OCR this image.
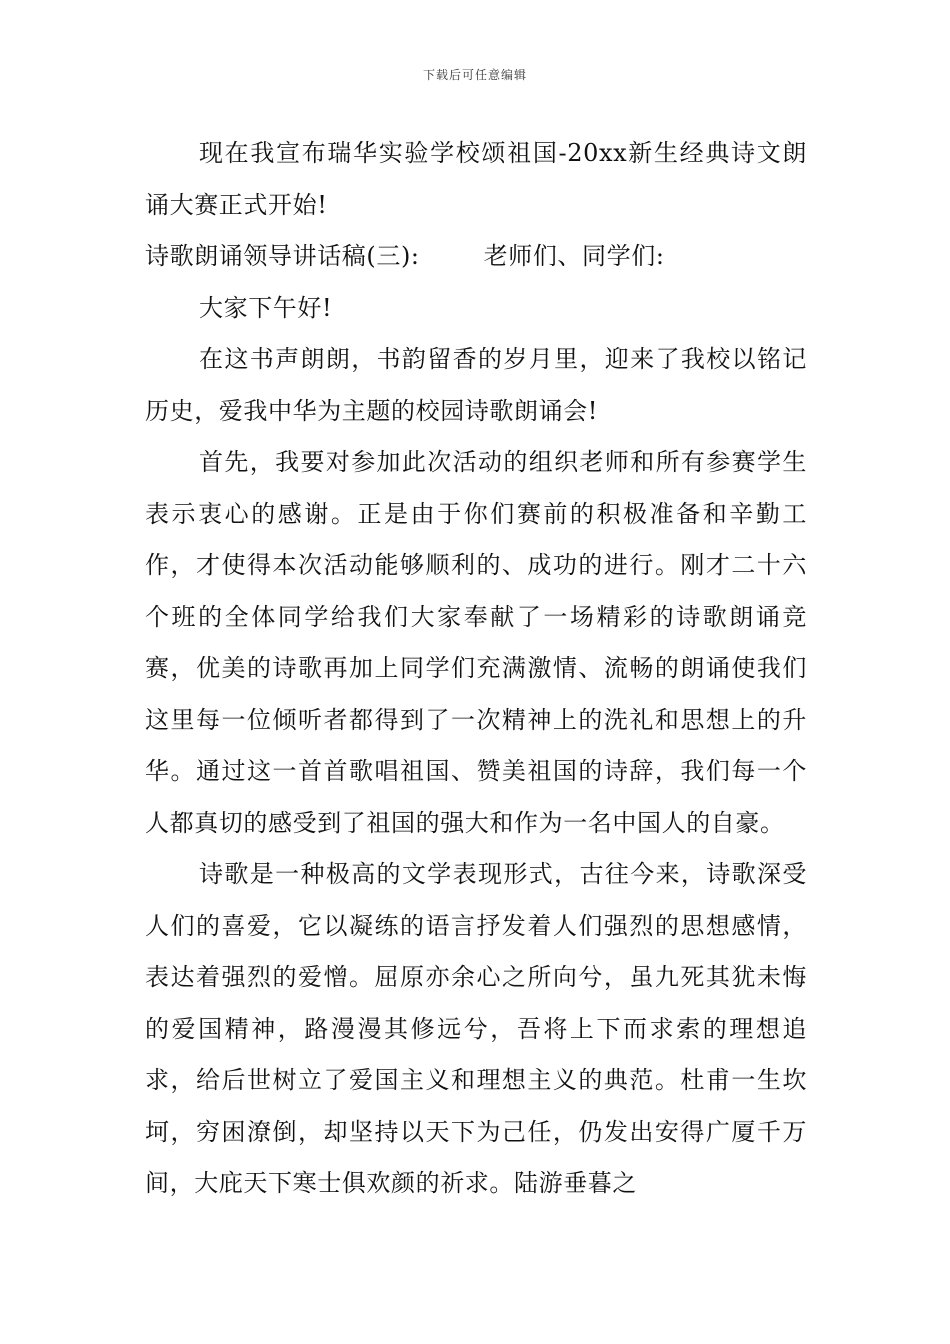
下载后可任意编辑

现在我宣布瑞华实验学校颂祖国-20xx新生经典诗文朗诵大赛正式开始!

诗歌朗诵领导讲话稿(三):	老师们、同学们:

大家下午好!

在这书声朗朗，书韵留香的岁月里，迎来了我校以铭记历史，爱我中华为主题的校园诗歌朗诵会!

首先，我要对参加此次活动的组织老师和所有参赛学生表示衷心的感谢。正是由于你们赛前的积极准备和辛勤工作，才使得本次活动能够顺利的、成功的进行。刚才二十六个班的全体同学给我们大家奉献了一场精彩的诗歌朗诵竞赛，优美的诗歌再加上同学们充满激情、流畅的朗诵使我们这里每一位倾听者都得到了一次精神上的洗礼和思想上的升华。通过这一首首歌唱祖国、赞美祖国的诗辞，我们每一个人都真切的感受到了祖国的强大和作为一名中国人的自豪。

诗歌是一种极高的文学表现形式，古往今来，诗歌深受人们的喜爱，它以凝练的语言抒发着人们强烈的思想感情，表达着强烈的爱憎。屈原亦余心之所向兮，虽九死其犹未悔的爱国精神，路漫漫其修远兮，吾将上下而求索的理想追求，给后世树立了爱国主义和理想主义的典范。杜甫一生坎坷，穷困潦倒，却坚持以天下为己任，仍发出安得广厦千万间，大庇天下寒士俱欢颜的祈求。陆游垂暮之
